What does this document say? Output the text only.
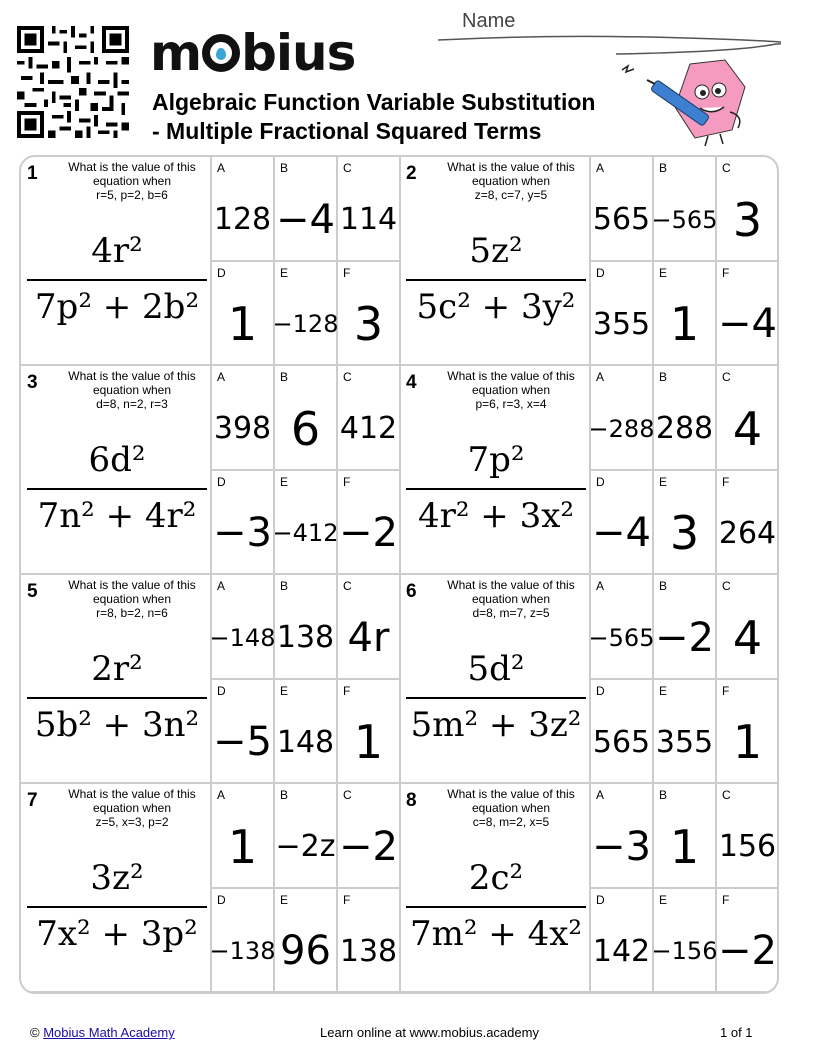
m bius
Algebraic Function Variable Substitution
- Multiple Fractional Squared Terms
Name
1	What is the value of this equation when
r=5, p=2, b=6
4r²
7p² + 2b²
A
128
B
−4
C
114
D
1
E
−128
F
3
2	What is the value of this equation when
z=8, c=7, y=5
5z²
5c² + 3y²
A
565
B
−565
C
3
D
355
E
1
F
−4
3	What is the value of this equation when
d=8, n=2, r=3
6d²
7n² + 4r²
A
398
B
6
C
412
D
−3
E
−412
F
−2
4	What is the value of this equation when
p=6, r=3, x=4
7p²
4r² + 3x²
A
−288
B
288
C
4
D
−4
E
3
F
264
5	What is the value of this equation when
r=8, b=2, n=6
2r²
5b² + 3n²
A
−148
B
138
C
4r
D
−5
E
148
F
1
6	What is the value of this equation when
d=8, m=7, z=5
5d²
5m² + 3z²
A
−565
B
−2
C
4
D
565
E
355
F
1
7	What is the value of this equation when
z=5, x=3, p=2
3z²
7x² + 3p²
A
1
B
−2z
C
−2
D
−138
E
96
F
138
8	What is the value of this equation when
c=8, m=2, x=5
2c²
7m² + 4x²
A
−3
B
1
C
156
D
142
E
−156
F
−2
© Mobius Math Academy	Learn online at www.mobius.academy	1 of 1
